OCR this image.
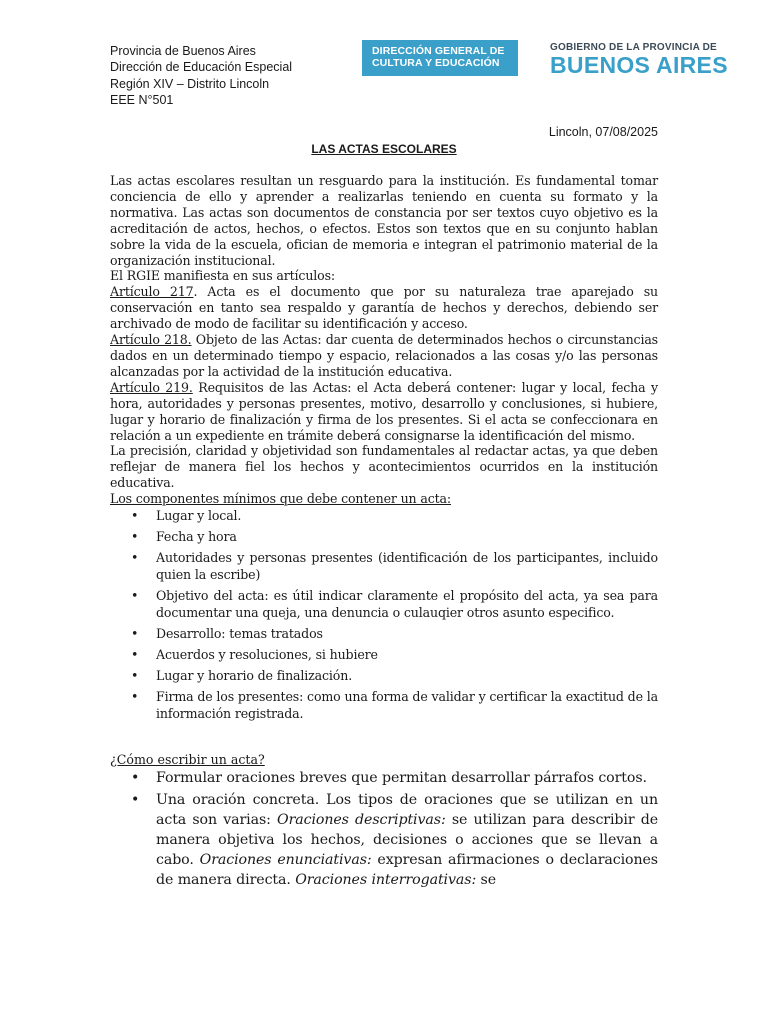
Provincia de Buenos Aires
Dirección de Educación Especial
Región XIV – Distrito Lincoln
EEE N°501
DIRECCIÓN GENERAL DE
CULTURA Y EDUCACIÓN
GOBIERNO DE LA PROVINCIA DE
BUENOS AIRES
Lincoln, 07/08/2025
LAS ACTAS ESCOLARES

Las actas escolares resultan un resguardo para la institución. Es fundamental tomar conciencia de ello y aprender a realizarlas teniendo en cuenta su formato y la normativa. Las actas son documentos de constancia por ser textos cuyo objetivo es la acreditación de actos, hechos, o efectos. Estos son textos que en su conjunto hablan sobre la vida de la escuela, ofician de memoria e integran el patrimonio material de la organización institucional.

El RGIE manifiesta en sus artículos:

Artículo 217. Acta es el documento que por su naturaleza trae aparejado su conservación en tanto sea respaldo y garantía de hechos y derechos, debiendo ser archivado de modo de facilitar su identificación y acceso.

Artículo 218. Objeto de las Actas: dar cuenta de determinados hechos o circunstancias dados en un determinado tiempo y espacio, relacionados a las cosas y/o las personas alcanzadas por la actividad de la institución educativa.

Artículo 219. Requisitos de las Actas: el Acta deberá contener: lugar y local, fecha y hora, autoridades y personas presentes, motivo, desarrollo y conclusiones, si hubiere, lugar y horario de finalización y firma de los presentes. Si el acta se confeccionara en relación a un expediente en trámite deberá consignarse la identificación del mismo.

La precisión, claridad y objetividad son fundamentales al redactar actas, ya que deben reflejar de manera fiel los hechos y acontecimientos ocurridos en la institución educativa.

Los componentes mínimos que debe contener un acta:

• Lugar y local.
• Fecha y hora
• Autoridades y personas presentes (identificación de los participantes, incluido quien la escribe)
• Objetivo del acta: es útil indicar claramente el propósito del acta, ya sea para documentar una queja, una denuncia o culauqier otros asunto especifico.
• Desarrollo: temas tratados
• Acuerdos y resoluciones, si hubiere
• Lugar y horario de finalización.
• Firma de los presentes: como una forma de validar y certificar la exactitud de la información registrada.

¿Cómo escribir un acta?

• Formular oraciones breves que permitan desarrollar párrafos cortos.
• Una oración concreta. Los tipos de oraciones que se utilizan en un acta son varias: Oraciones descriptivas: se utilizan para describir de manera objetiva los hechos, decisiones o acciones que se llevan a cabo. Oraciones enunciativas: expresan afirmaciones o declaraciones de manera directa. Oraciones interrogativas: se
